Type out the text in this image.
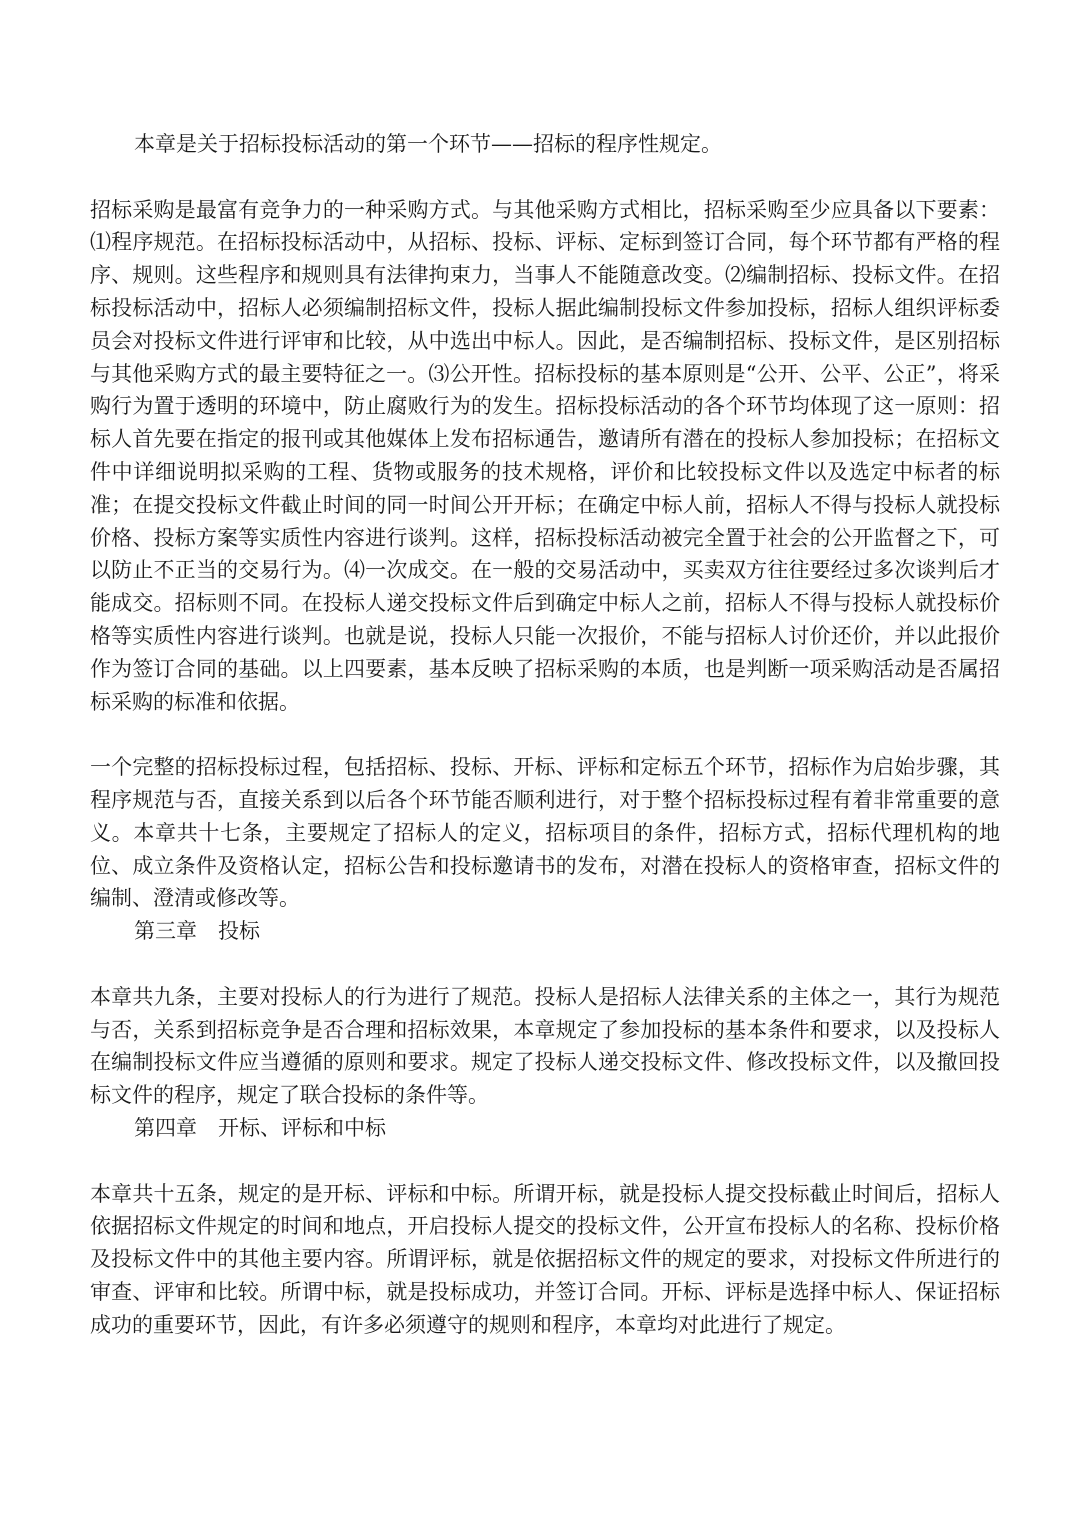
本章是关于招标投标活动的第一个环节——招标的程序性规定。

招标采购是最富有竞争力的一种采购方式。与其他采购方式相比，招标采购至少应具备以下要素：⑴程序规范。在招标投标活动中，从招标、投标、评标、定标到签订合同，每个环节都有严格的程序、规则。这些程序和规则具有法律拘束力，当事人不能随意改变。⑵编制招标、投标文件。在招标投标活动中，招标人必须编制招标文件，投标人据此编制投标文件参加投标，招标人组织评标委员会对投标文件进行评审和比较，从中选出中标人。因此，是否编制招标、投标文件，是区别招标与其他采购方式的最主要特征之一。⑶公开性。招标投标的基本原则是“公开、公平、公正”，将采购行为置于透明的环境中，防止腐败行为的发生。招标投标活动的各个环节均体现了这一原则：招标人首先要在指定的报刊或其他媒体上发布招标通告，邀请所有潜在的投标人参加投标；在招标文件中详细说明拟采购的工程、货物或服务的技术规格，评价和比较投标文件以及选定中标者的标准；在提交投标文件截止时间的同一时间公开开标；在确定中标人前，招标人不得与投标人就投标价格、投标方案等实质性内容进行谈判。这样，招标投标活动被完全置于社会的公开监督之下，可以防止不正当的交易行为。⑷一次成交。在一般的交易活动中，买卖双方往往要经过多次谈判后才能成交。招标则不同。在投标人递交投标文件后到确定中标人之前，招标人不得与投标人就投标价格等实质性内容进行谈判。也就是说，投标人只能一次报价，不能与招标人讨价还价，并以此报价作为签订合同的基础。以上四要素，基本反映了招标采购的本质，也是判断一项采购活动是否属招标采购的标准和依据。

一个完整的招标投标过程，包括招标、投标、开标、评标和定标五个环节，招标作为启始步骤，其程序规范与否，直接关系到以后各个环节能否顺利进行，对于整个招标投标过程有着非常重要的意义。本章共十七条，主要规定了招标人的定义，招标项目的条件，招标方式，招标代理机构的地位、成立条件及资格认定，招标公告和投标邀请书的发布，对潜在投标人的资格审查，招标文件的编制、澄清或修改等。

第三章　投标

本章共九条，主要对投标人的行为进行了规范。投标人是招标人法律关系的主体之一，其行为规范与否，关系到招标竞争是否合理和招标效果，本章规定了参加投标的基本条件和要求，以及投标人在编制投标文件应当遵循的原则和要求。规定了投标人递交投标文件、修改投标文件，以及撤回投标文件的程序，规定了联合投标的条件等。

第四章　开标、评标和中标

本章共十五条，规定的是开标、评标和中标。所谓开标，就是投标人提交投标截止时间后，招标人依据招标文件规定的时间和地点，开启投标人提交的投标文件，公开宣布投标人的名称、投标价格及投标文件中的其他主要内容。所谓评标，就是依据招标文件的规定的要求，对投标文件所进行的审查、评审和比较。所谓中标，就是投标成功，并签订合同。开标、评标是选择中标人、保证招标成功的重要环节，因此，有许多必须遵守的规则和程序，本章均对此进行了规定。
